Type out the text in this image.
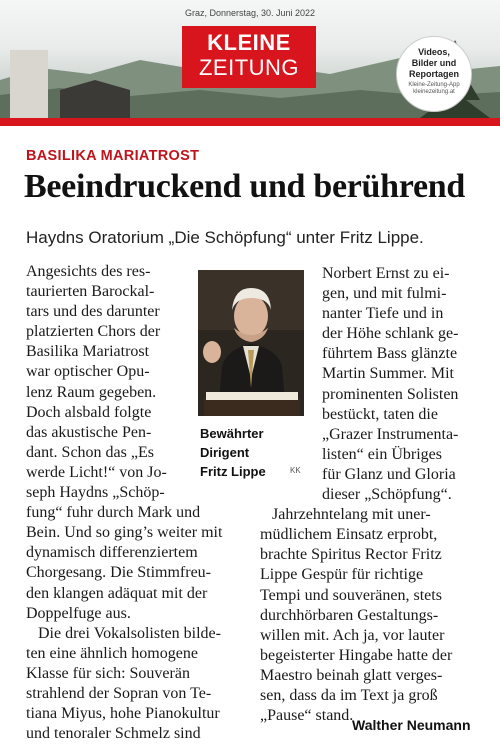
Graz, Donnerstag, 30. Juni 2022
KLEINE
ZEITUNG
Videos,
Bilder und
Reportagen
Kleine-Zeitung-App
kleinezeitung.at
BASILIKA MARIATROST
Beeindruckend und berührend
Haydns Oratorium „Die Schöpfung“ unter Fritz Lippe.
Angesichts des res-
taurierten Barockal-
tars und des darunter
platzierten Chors der
Basilika Mariatrost
war optischer Opu-
lenz Raum gegeben.
Doch alsbald folgte
das akustische Pen-
dant. Schon das „Es
werde Licht!“ von Jo-
seph Haydns „Schöp-
fung“ fuhr durch Mark und
Bein. Und so ging’s weiter mit
dynamisch differenziertem
Chorgesang. Die Stimmfreu-
den klangen adäquat mit der
Doppelfuge aus.
Die drei Vokalsolisten bilde-
ten eine ähnlich homogene
Klasse für sich: Souverän
strahlend der Sopran von Te-
tiana Miyus, hohe Pianokultur
und tenoraler Schmelz sind
Bewährter
Dirigent
Fritz Lippe	KK
Norbert Ernst zu ei-
gen, und mit fulmi-
nanter Tiefe und in
der Höhe schlank ge-
führtem Bass glänzte
Martin Summer. Mit
prominenten Solisten
bestückt, taten die
„Grazer Instrumenta-
listen“ ein Übriges
für Glanz und Gloria
dieser „Schöpfung“.
Jahrzehntelang mit uner-
müdlichem Einsatz erprobt,
brachte Spiritus Rector Fritz
Lippe Gespür für richtige
Tempi und souveränen, stets
durchhörbaren Gestaltungs-
willen mit. Ach ja, vor lauter
begeisterter Hingabe hatte der
Maestro beinah glatt verges-
sen, dass da im Text ja groß
„Pause“ stand.
Walther Neumann
